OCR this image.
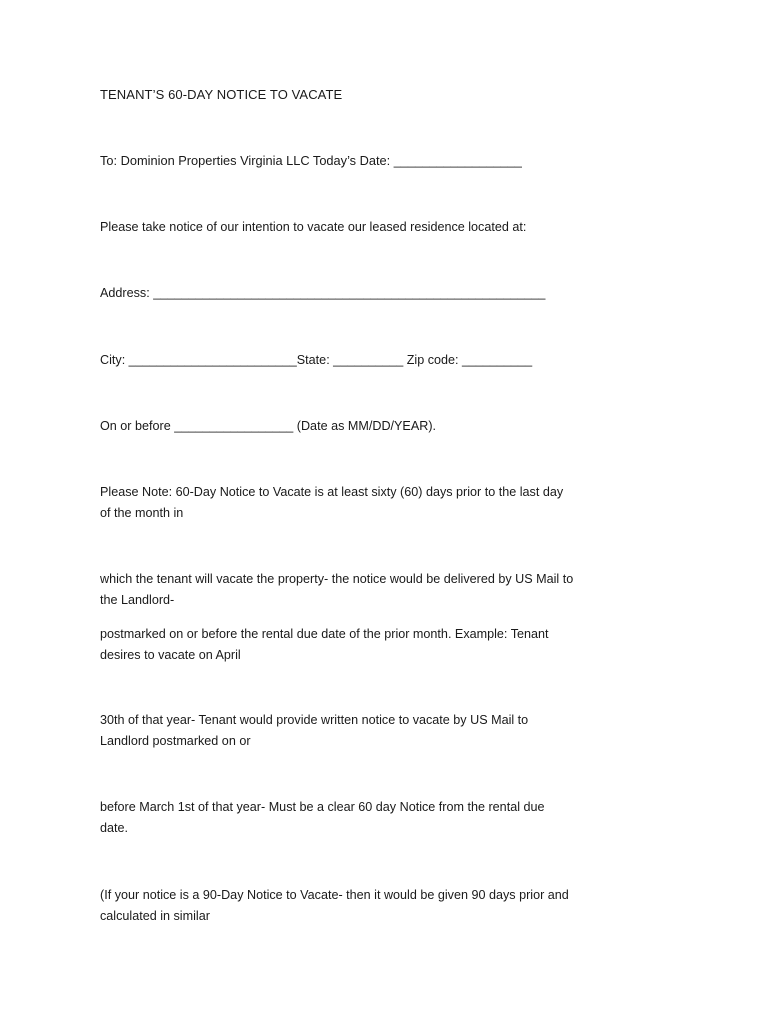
TENANT’S 60-DAY NOTICE TO VACATE

To: Dominion Properties Virginia LLC Today’s Date: __________________

Please take notice of our intention to vacate our leased residence located at:

Address: ________________________________________________________

City: ________________________State: __________ Zip code: __________

On or before _________________ (Date as MM/DD/YEAR).

Please Note: 60-Day Notice to Vacate is at least sixty (60) days prior to the last day

of the month in

which the tenant will vacate the property- the notice would be delivered by US Mail to

the Landlord-

postmarked on or before the rental due date of the prior month. Example: Tenant

desires to vacate on April

30th of that year- Tenant would provide written notice to vacate by US Mail to

Landlord postmarked on or

before March 1st of that year- Must be a clear 60 day Notice from the rental due

date.

(If your notice is a 90-Day Notice to Vacate- then it would be given 90 days prior and

calculated in similar
